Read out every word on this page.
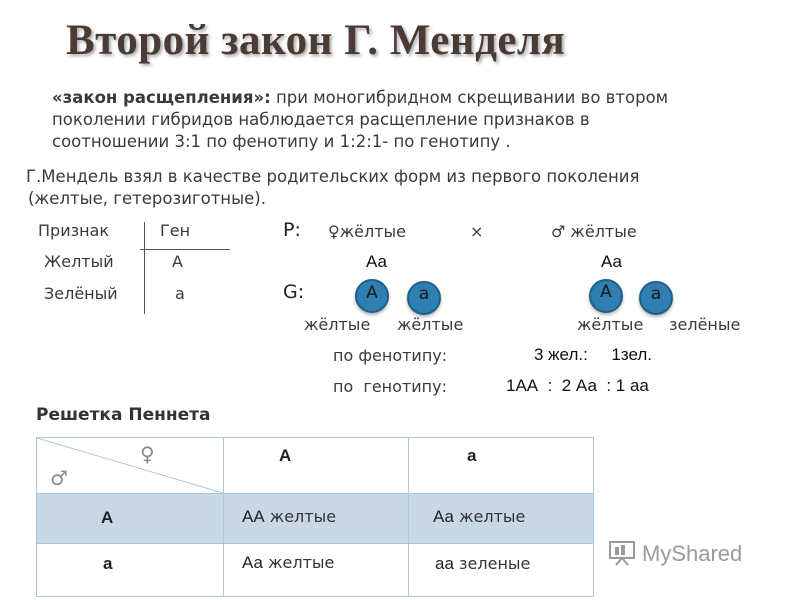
Второй закон Г. Менделя
«закон расщепления»: при моногибридном скрещивании во втором
поколении гибридов наблюдается расщепление признаков в
соотношении 3:1 по фенотипу и 1:2:1- по генотипу .
Г.Мендель взял в качестве родительских форм из первого поколения
(желтые, гетерозиготные).
Признак	Ген
Желтый	А
Зелёный	а
Р: ♀жёлтые	×	♂ жёлтые
Аа	Аа
G:	А	а	А	а
жёлтые жёлтые	жёлтые зелёные
по фенотипу:	3 жел.:     1зел.
по  генотипу:	1АА  :  2 Аа  : 1 аа
Решетка Пеннета
♀
♂	А	а

А	АА желтые	Аа желтые

а	Аа желтые	аа зеленые	MyShared
